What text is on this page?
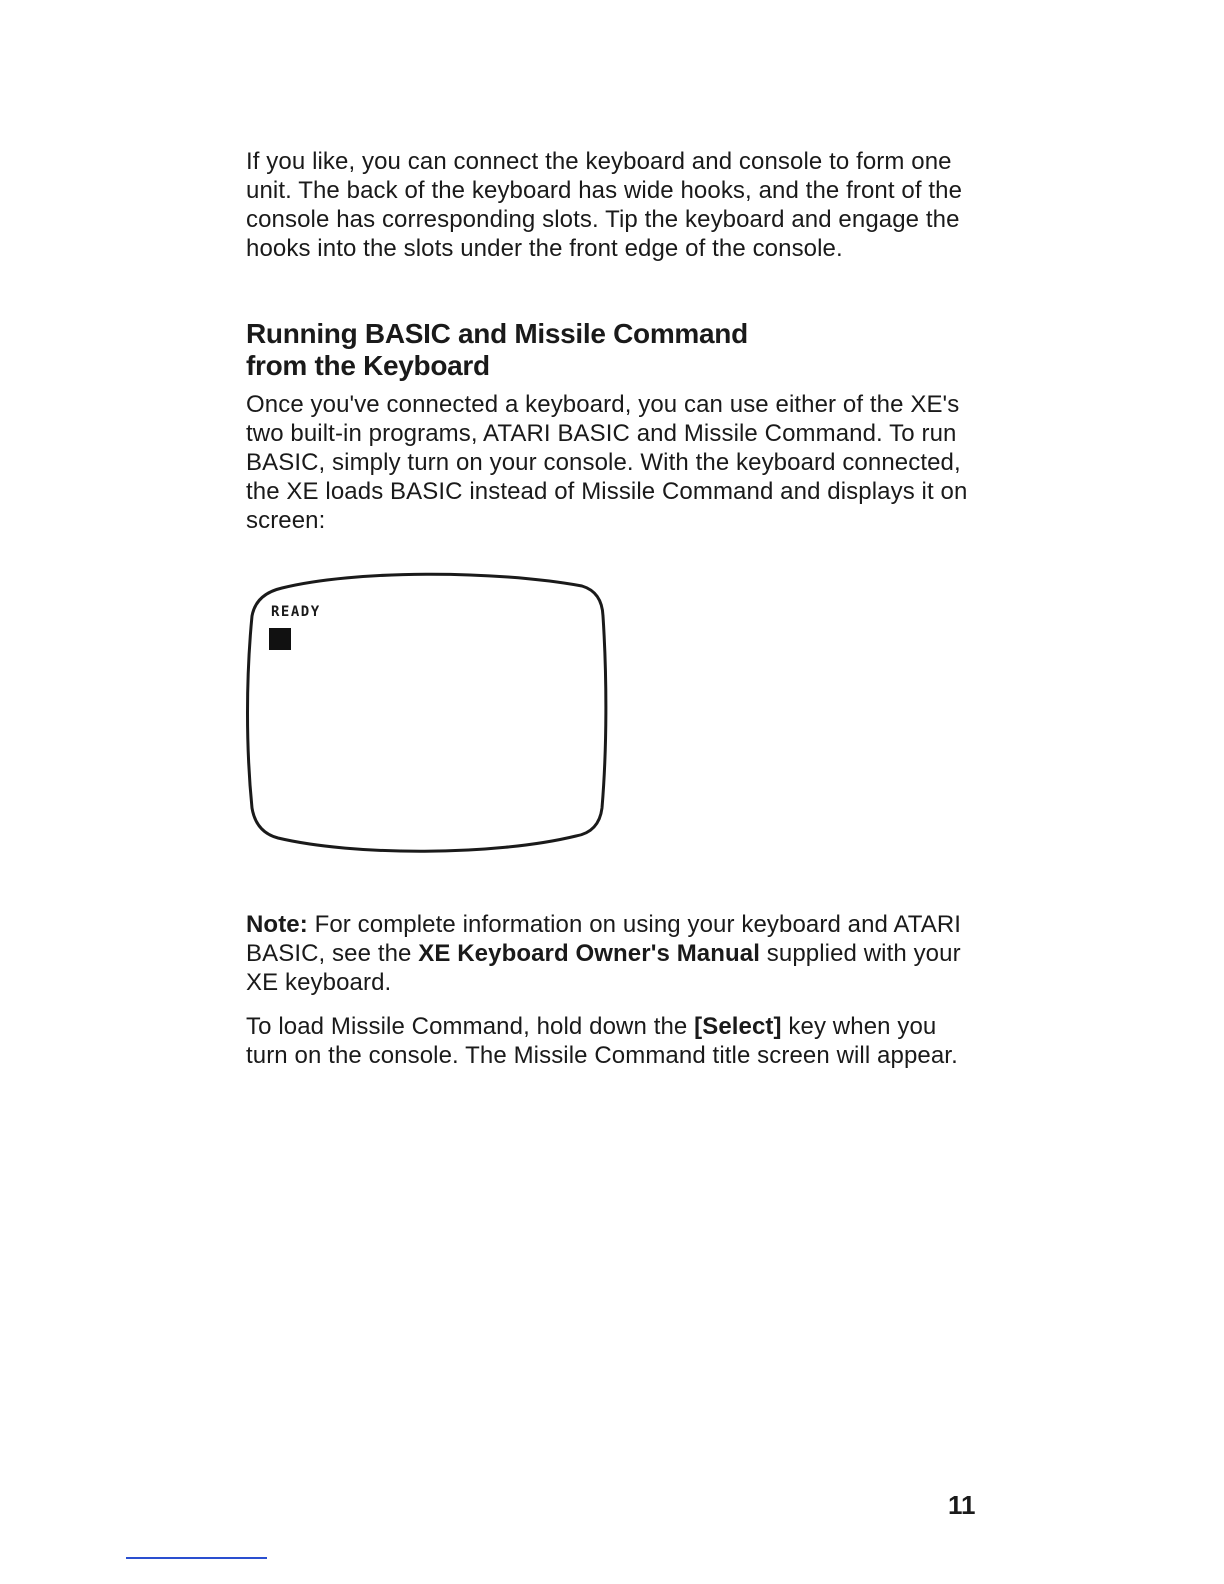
If you like, you can connect the keyboard and console to form one unit. The back of the keyboard has wide hooks, and the front of the console has corresponding slots. Tip the keyboard and engage the hooks into the slots under the front edge of the console.

Running BASIC and Missile Command
from the Keyboard

Once you've connected a keyboard, you can use either of the XE's two built-in programs, ATARI BASIC and Missile Command. To run BASIC, simply turn on your console. With the keyboard connected, the XE loads BASIC instead of Missile Command and displays it on screen:

READY

Note: For complete information on using your keyboard and ATARI BASIC, see the XE Keyboard Owner's Manual supplied with your XE keyboard.

To load Missile Command, hold down the [Select] key when you turn on the console. The Missile Command title screen will appear.

11
